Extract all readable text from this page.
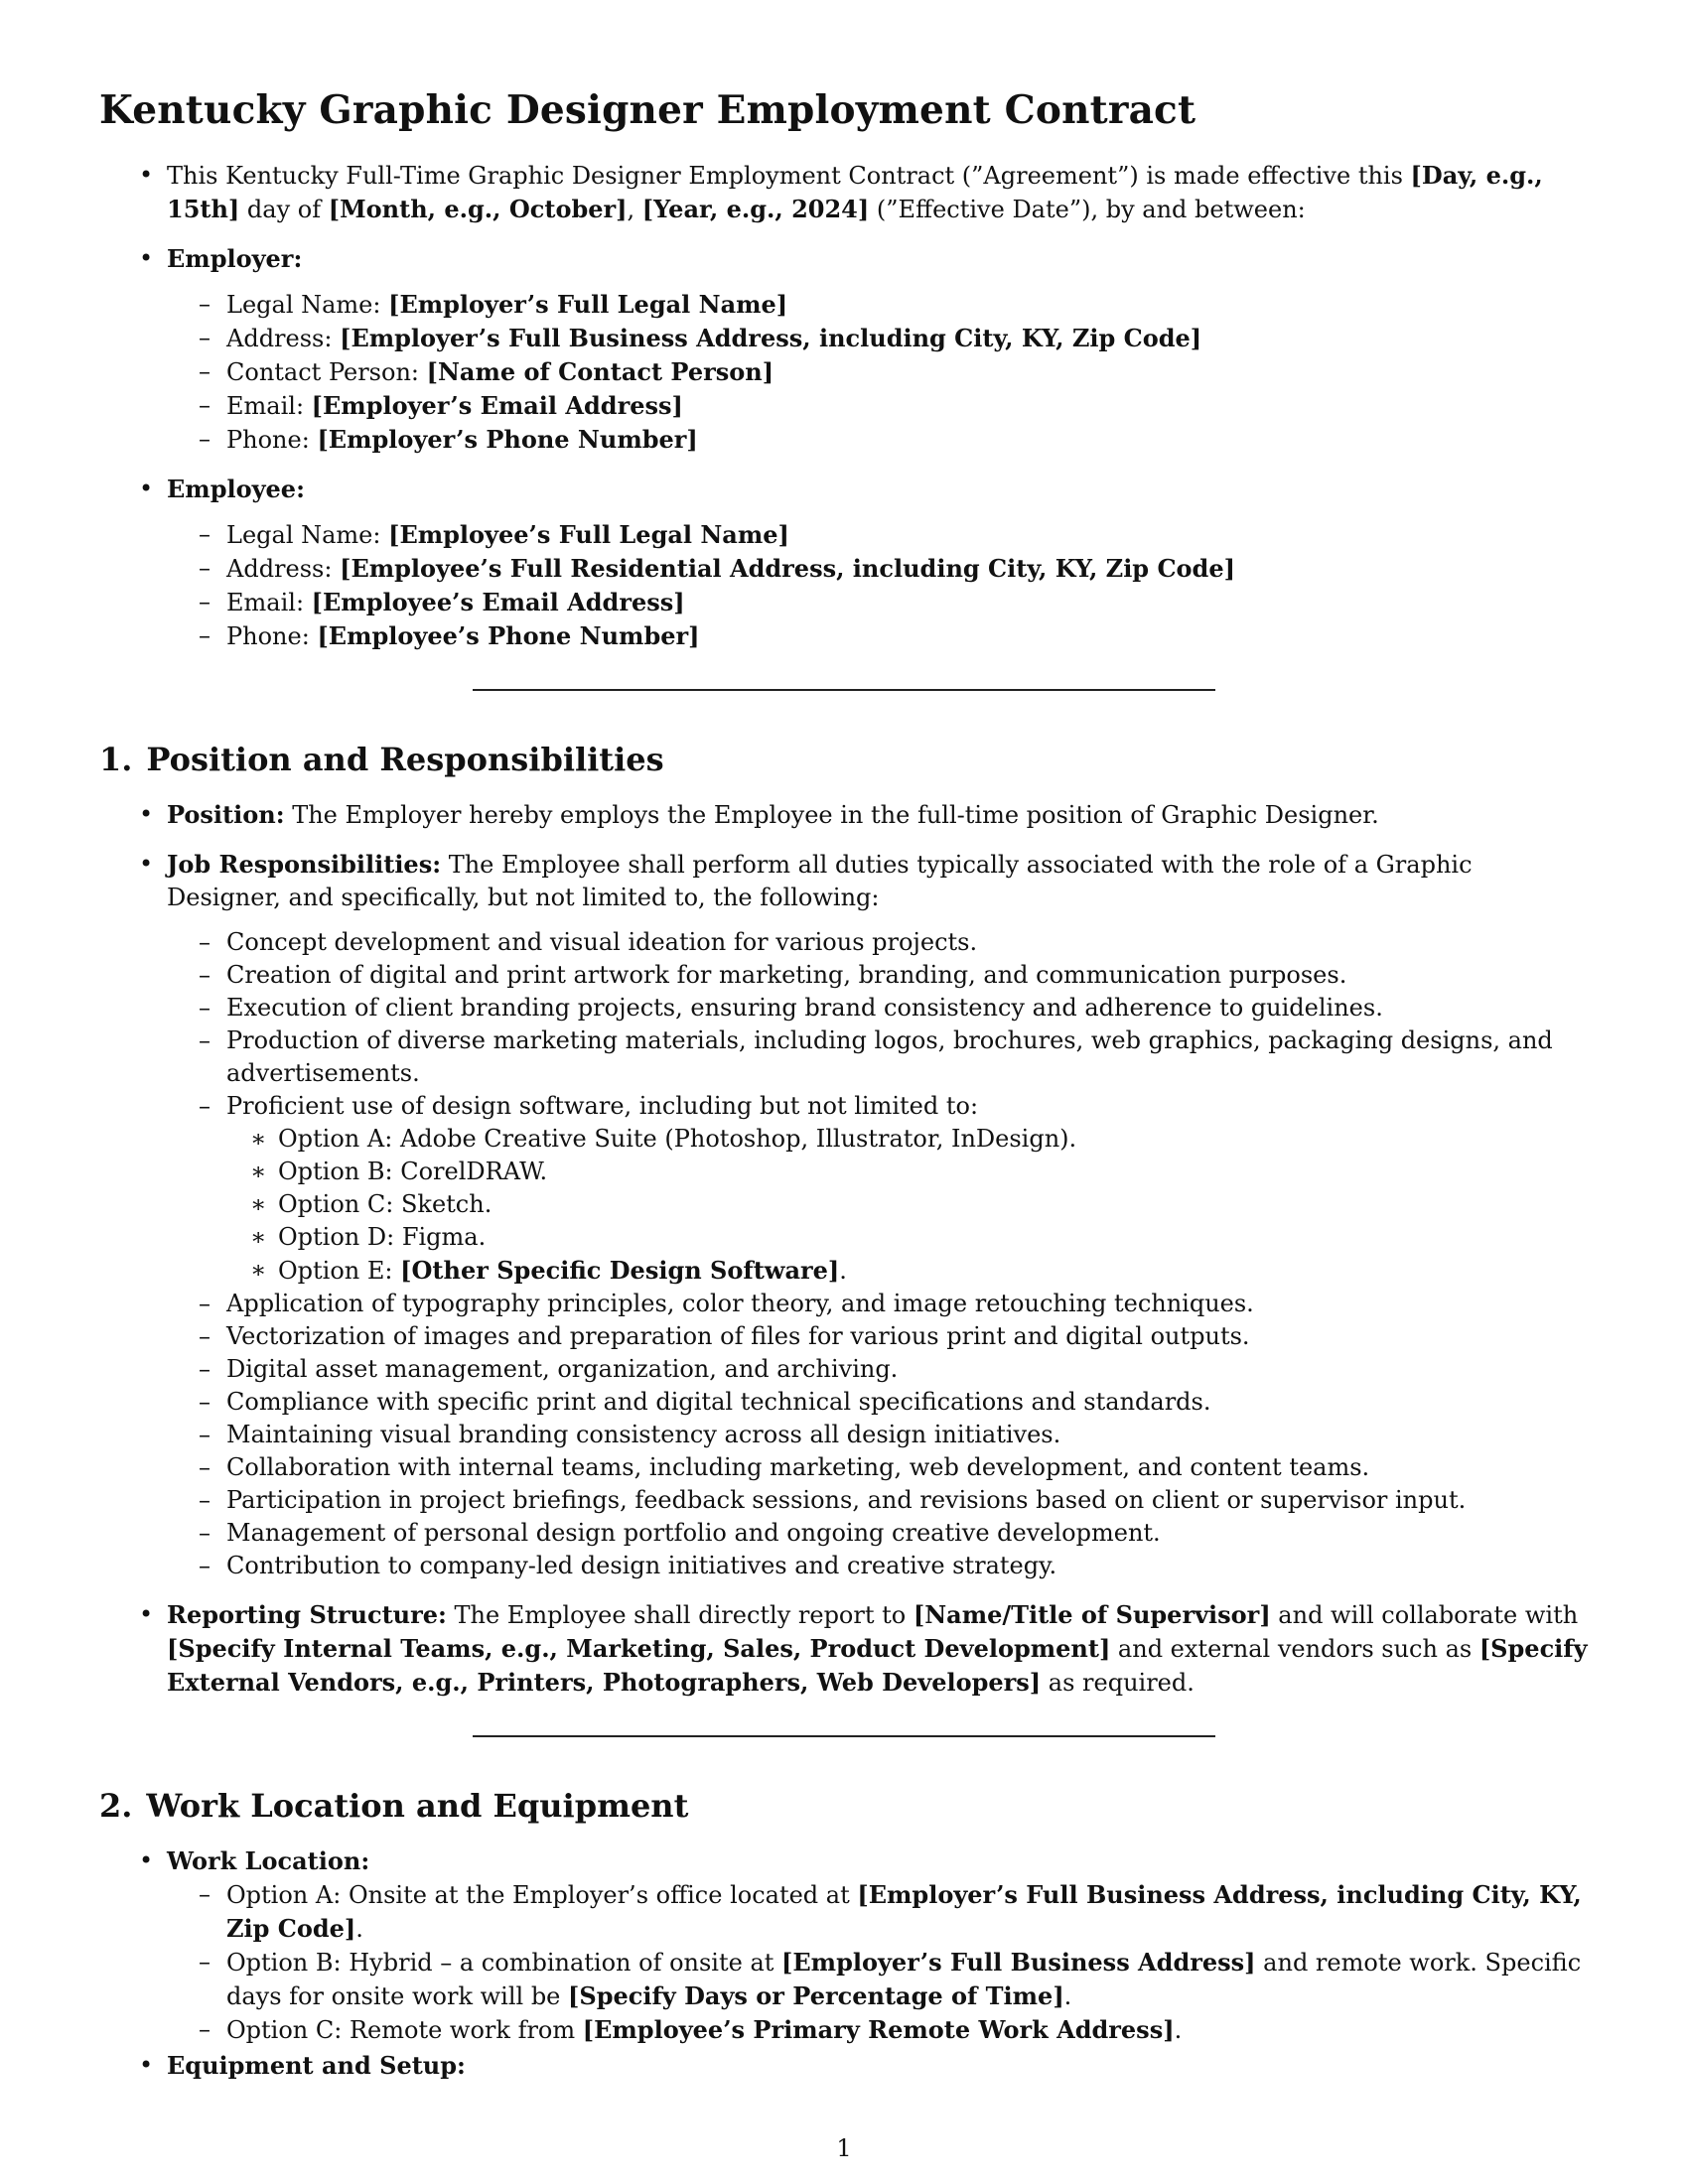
Kentucky Graphic Designer Employment Contract
• This Kentucky Full-Time Graphic Designer Employment Contract (”Agreement”) is made effective this [Day, e.g., 15th] day of [Month, e.g., October], [Year, e.g., 2024] (”Effective Date”), by and between:
• Employer:
– Legal Name: [Employer’s Full Legal Name]
– Address: [Employer’s Full Business Address, including City, KY, Zip Code]
– Contact Person: [Name of Contact Person]
– Email: [Employer’s Email Address]
– Phone: [Employer’s Phone Number]
• Employee:
– Legal Name: [Employee’s Full Legal Name]
– Address: [Employee’s Full Residential Address, including City, KY, Zip Code]
– Email: [Employee’s Email Address]
– Phone: [Employee’s Phone Number]
1. Position and Responsibilities
• Position: The Employer hereby employs the Employee in the full-time position of Graphic Designer.
• Job Responsibilities: The Employee shall perform all duties typically associated with the role of a Graphic Designer, and specifically, but not limited to, the following:
– Concept development and visual ideation for various projects.
– Creation of digital and print artwork for marketing, branding, and communication purposes.
– Execution of client branding projects, ensuring brand consistency and adherence to guidelines.
– Production of diverse marketing materials, including logos, brochures, web graphics, packaging designs, and advertisements.
– Proficient use of design software, including but not limited to:
∗ Option A: Adobe Creative Suite (Photoshop, Illustrator, InDesign).
∗ Option B: CorelDRAW.
∗ Option C: Sketch.
∗ Option D: Figma.
∗ Option E: [Other Specific Design Software].
– Application of typography principles, color theory, and image retouching techniques.
– Vectorization of images and preparation of files for various print and digital outputs.
– Digital asset management, organization, and archiving.
– Compliance with specific print and digital technical specifications and standards.
– Maintaining visual branding consistency across all design initiatives.
– Collaboration with internal teams, including marketing, web development, and content teams.
– Participation in project briefings, feedback sessions, and revisions based on client or supervisor input.
– Management of personal design portfolio and ongoing creative development.
– Contribution to company-led design initiatives and creative strategy.
• Reporting Structure: The Employee shall directly report to [Name/Title of Supervisor] and will collaborate with [Specify Internal Teams, e.g., Marketing, Sales, Product Development] and external vendors such as [Specify External Vendors, e.g., Printers, Photographers, Web Developers] as required.
2. Work Location and Equipment
• Work Location:
– Option A: Onsite at the Employer’s office located at [Employer’s Full Business Address, including City, KY, Zip Code].
– Option B: Hybrid – a combination of onsite at [Employer’s Full Business Address] and remote work. Specific days for onsite work will be [Specify Days or Percentage of Time].
– Option C: Remote work from [Employee’s Primary Remote Work Address].
• Equipment and Setup:
1
